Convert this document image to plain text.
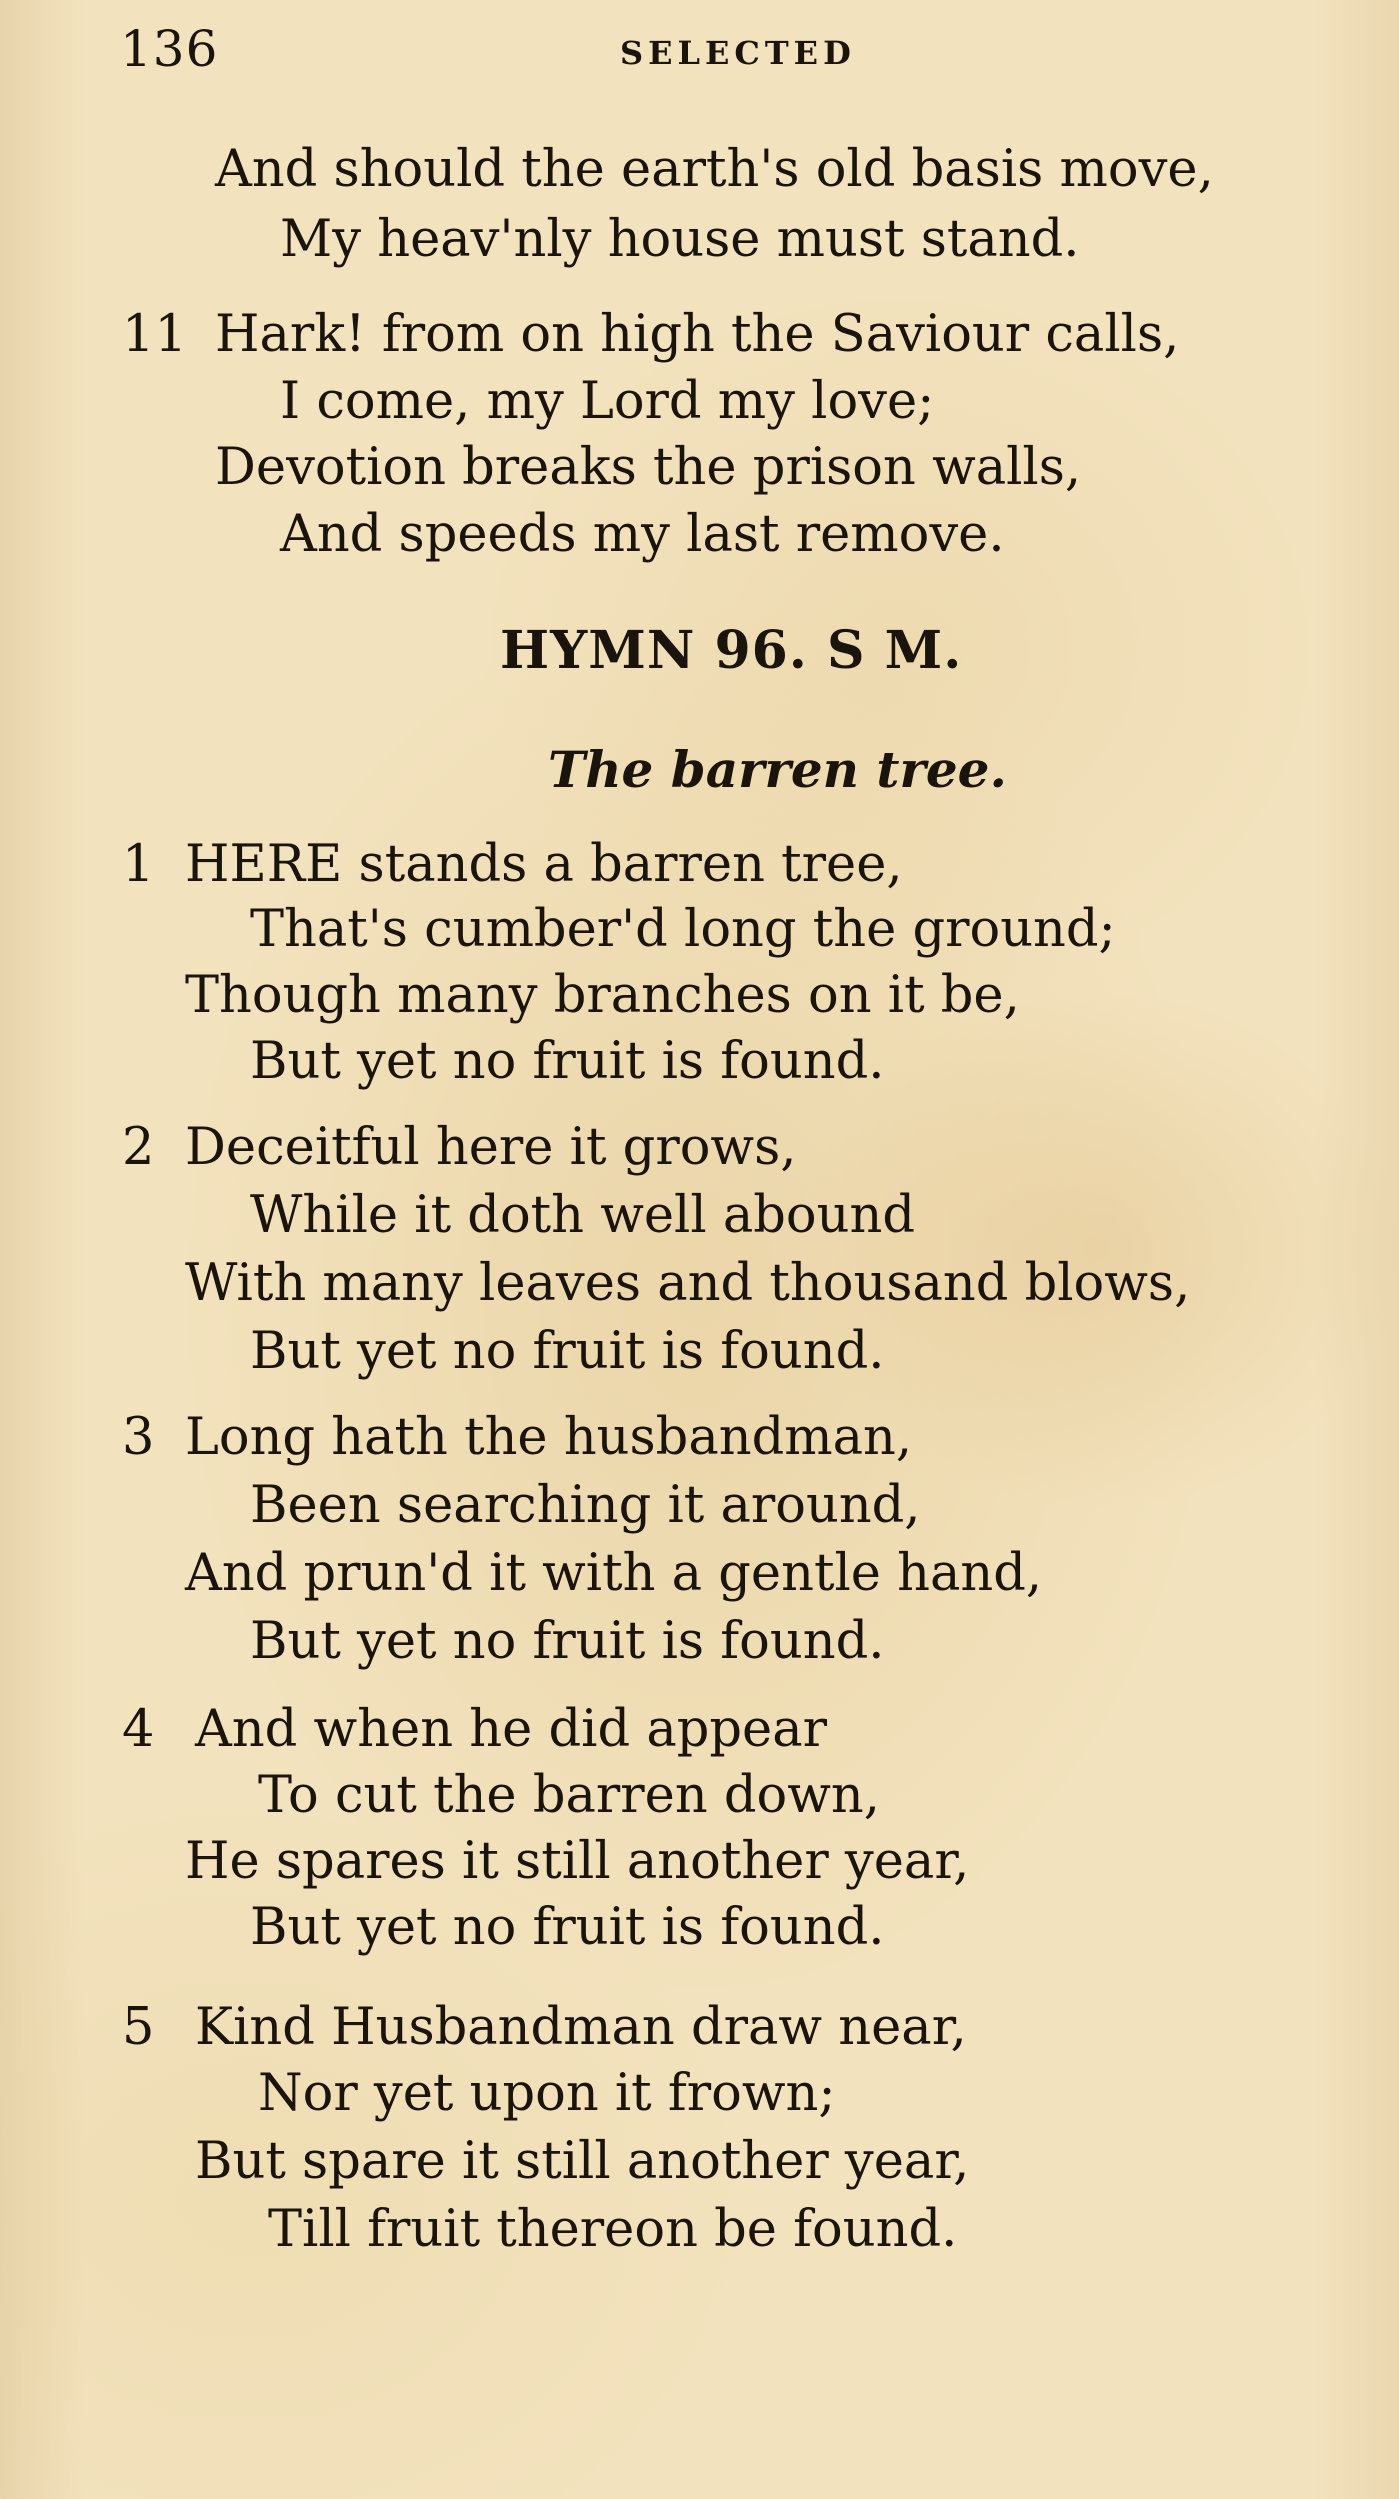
136	SELECTED
And should the earth's old basis move,
My heav'nly house must stand.
11 Hark! from on high the Saviour calls,
I come, my Lord my love;
Devotion breaks the prison walls,
And speeds my last remove.
HYMN 96. S M.
The barren tree.
1 HERE stands a barren tree,
That's cumber'd long the ground;
Though many branches on it be,
But yet no fruit is found.
2 Deceitful here it grows,
While it doth well abound
With many leaves and thousand blows,
But yet no fruit is found.
3 Long hath the husbandman,
Been searching it around,
And prun'd it with a gentle hand,
But yet no fruit is found.
4 And when he did appear
To cut the barren down,
He spares it still another year,
But yet no fruit is found.
5 Kind Husbandman draw near,
Nor yet upon it frown;
But spare it still another year,
Till fruit thereon be found.
